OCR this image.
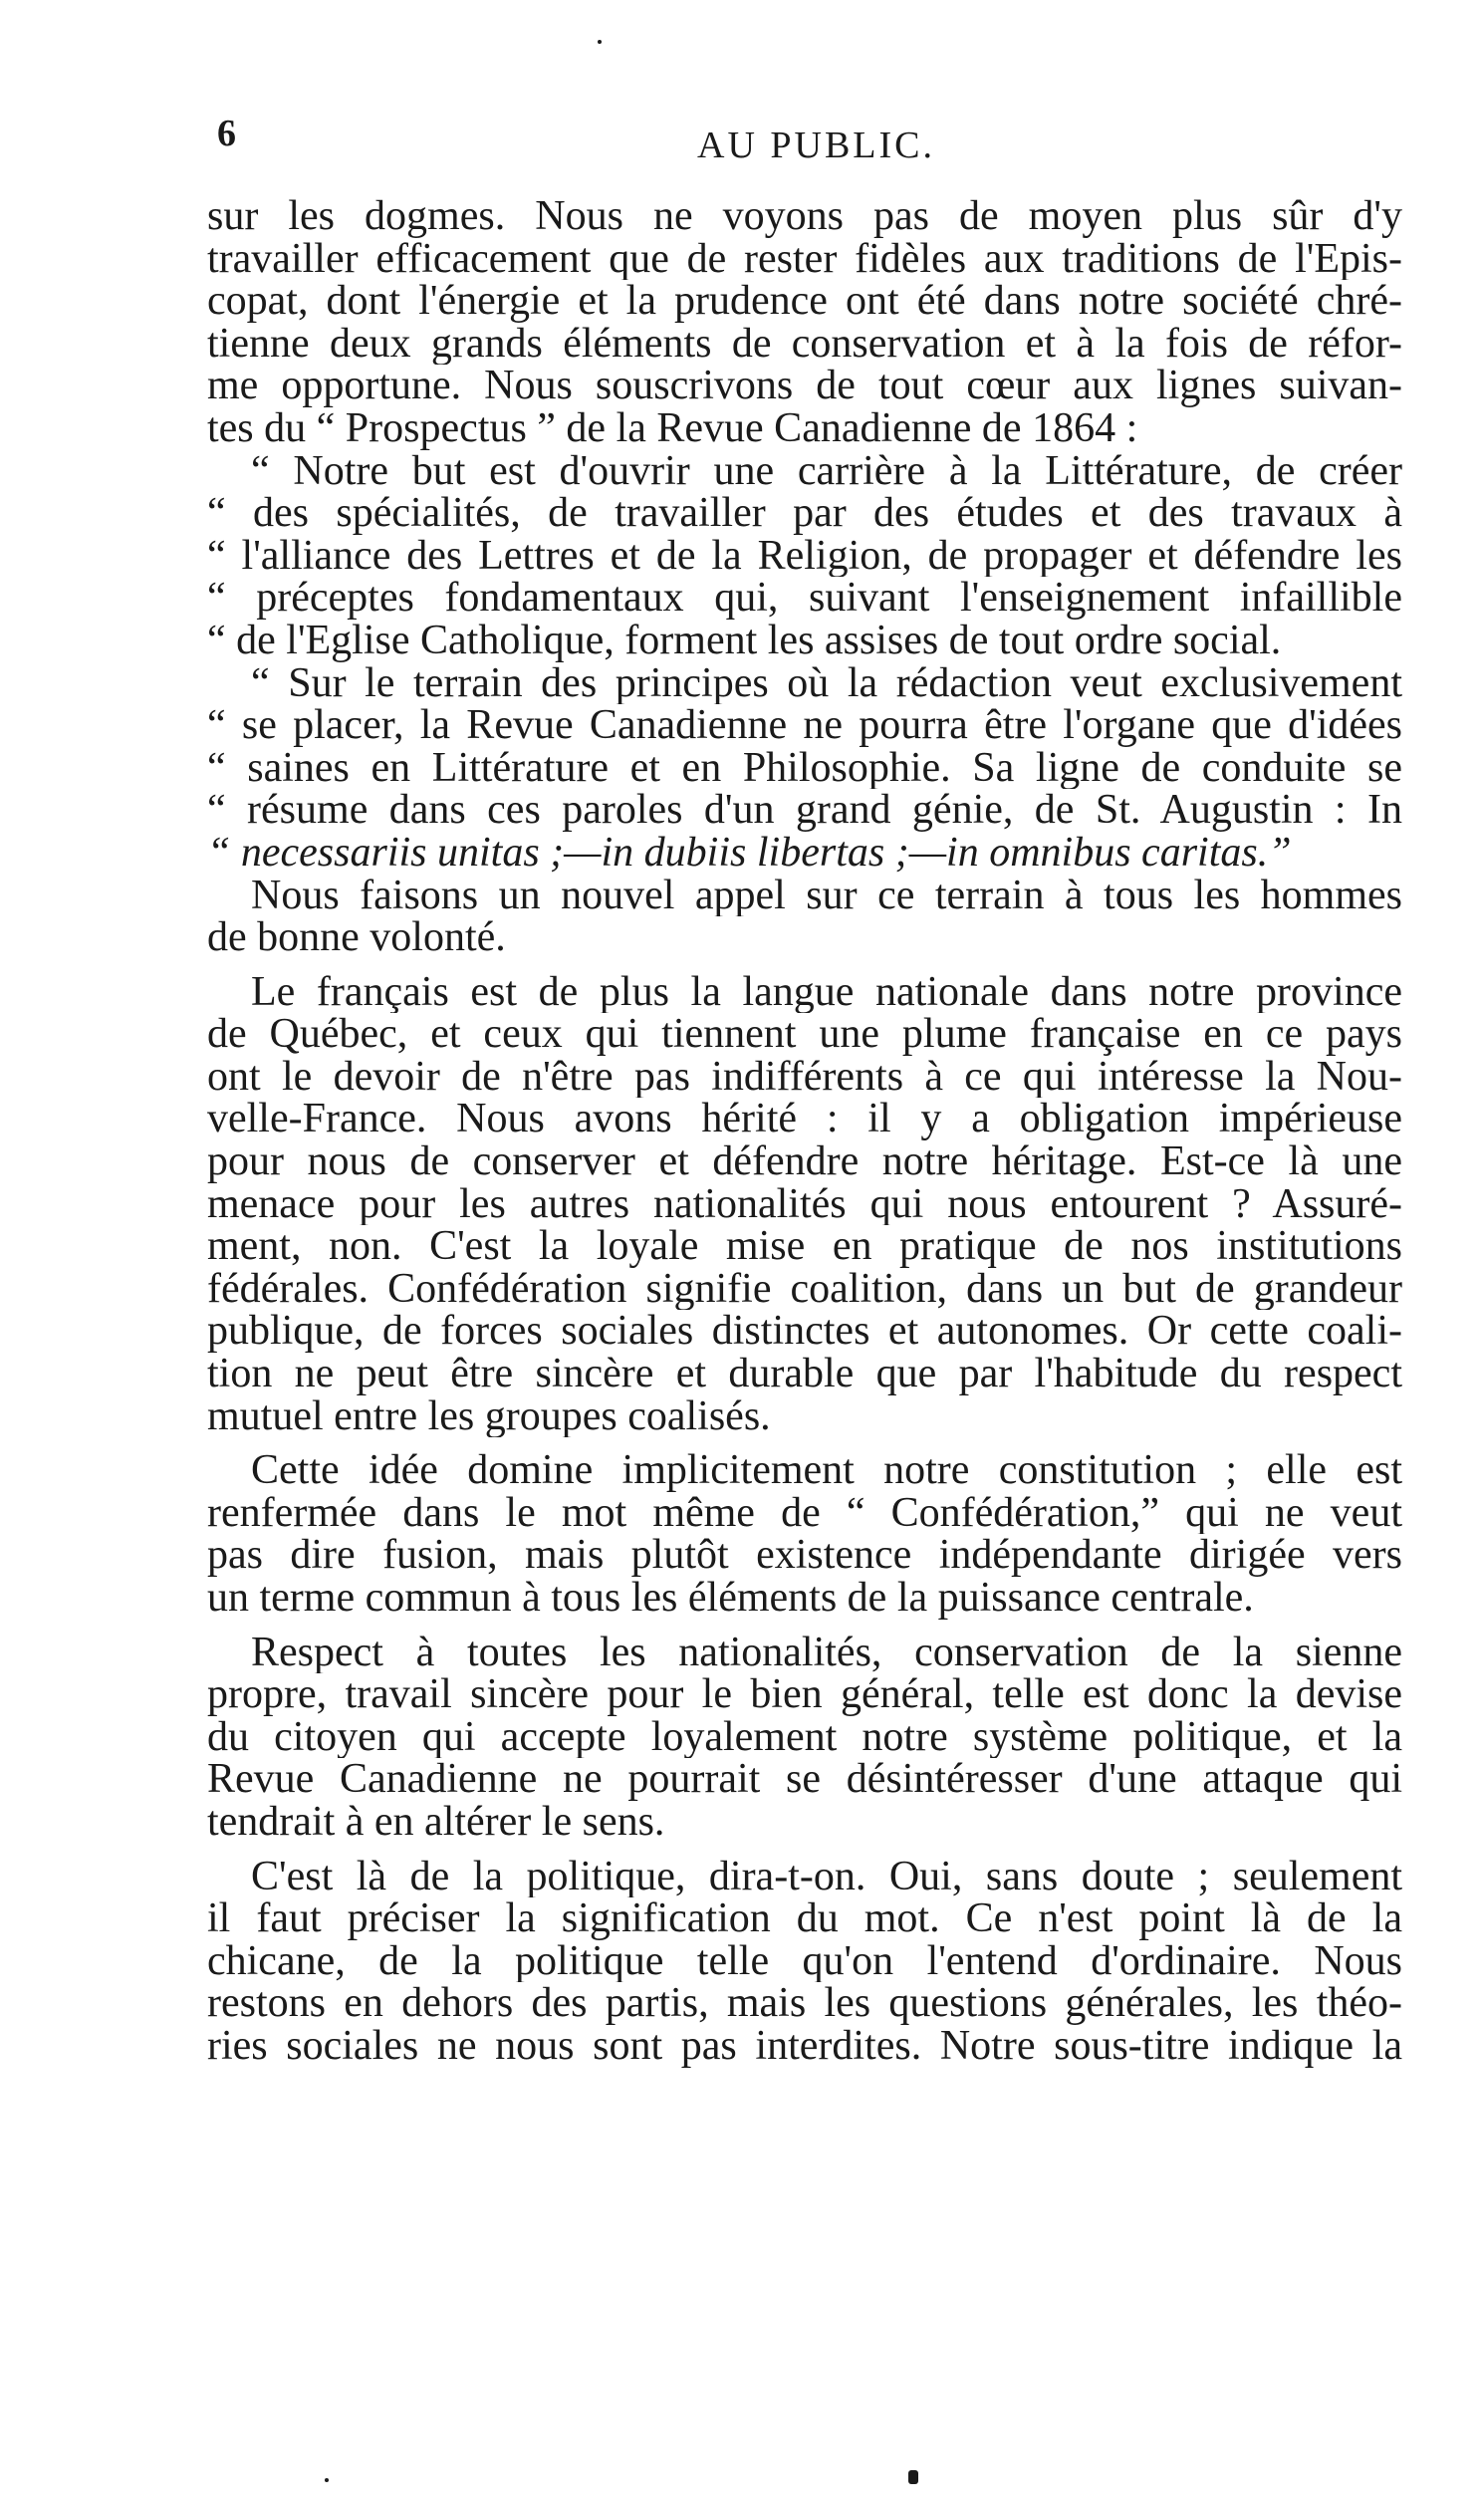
6	AU PUBLIC.
sur les dogmes. Nous ne voyons pas de moyen plus sûr d'y
travailler efficacement que de rester fidèles aux traditions de l'Epis-
copat, dont l'énergie et la prudence ont été dans notre société chré-
tienne deux grands éléments de conservation et à la fois de réfor-
me opportune. Nous souscrivons de tout cœur aux lignes suivan-
tes du “ Prospectus ” de la Revue Canadienne de 1864 :
“ Notre but est d'ouvrir une carrière à la Littérature, de créer
“ des spécialités, de travailler par des études et des travaux à
“ l'alliance des Lettres et de la Religion, de propager et défendre les
“ préceptes fondamentaux qui, suivant l'enseignement infaillible
“ de l'Eglise Catholique, forment les assises de tout ordre social.
“ Sur le terrain des principes où la rédaction veut exclusivement
“ se placer, la Revue Canadienne ne pourra être l'organe que d'idées
“ saines en Littérature et en Philosophie. Sa ligne de conduite se
“ résume dans ces paroles d'un grand génie, de St. Augustin : In
“ necessariis unitas ;—in dubiis libertas ;—in omnibus caritas.”
Nous faisons un nouvel appel sur ce terrain à tous les hommes
de bonne volonté.
Le français est de plus la langue nationale dans notre province
de Québec, et ceux qui tiennent une plume française en ce pays
ont le devoir de n'être pas indifférents à ce qui intéresse la Nou-
velle-France. Nous avons hérité : il y a obligation impérieuse
pour nous de conserver et défendre notre héritage. Est-ce là une
menace pour les autres nationalités qui nous entourent ? Assuré-
ment, non. C'est la loyale mise en pratique de nos institutions
fédérales. Confédération signifie coalition, dans un but de grandeur
publique, de forces sociales distinctes et autonomes. Or cette coali-
tion ne peut être sincère et durable que par l'habitude du respect
mutuel entre les groupes coalisés.
Cette idée domine implicitement notre constitution ; elle est
renfermée dans le mot même de “ Confédération,” qui ne veut
pas dire fusion, mais plutôt existence indépendante dirigée vers
un terme commun à tous les éléments de la puissance centrale.
Respect à toutes les nationalités, conservation de la sienne
propre, travail sincère pour le bien général, telle est donc la devise
du citoyen qui accepte loyalement notre système politique, et la
Revue Canadienne ne pourrait se désintéresser d'une attaque qui
tendrait à en altérer le sens.
C'est là de la politique, dira-t-on. Oui, sans doute ; seulement
il faut préciser la signification du mot. Ce n'est point là de la
chicane, de la politique telle qu'on l'entend d'ordinaire. Nous
restons en dehors des partis, mais les questions générales, les théo-
ries sociales ne nous sont pas interdites. Notre sous-titre indique la
